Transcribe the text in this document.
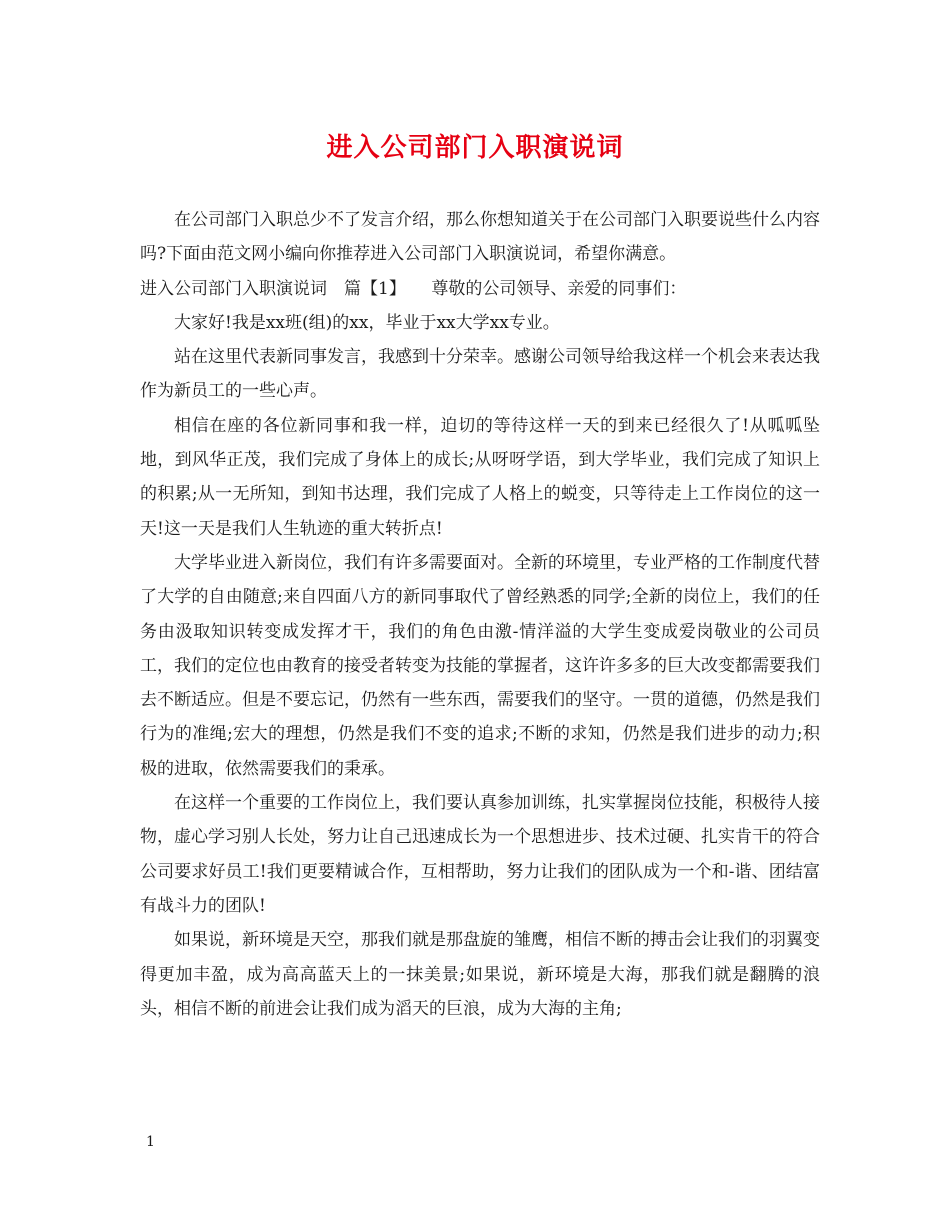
进入公司部门入职演说词

在公司部门入职总少不了发言介绍，那么你想知道关于在公司部门入职要说些什么内容吗?下面由范文网小编向你推荐进入公司部门入职演说词，希望你满意。

进入公司部门入职演说词　篇【1】　　尊敬的公司领导、亲爱的同事们：

大家好!我是xx班(组)的xx，毕业于xx大学xx专业。

站在这里代表新同事发言，我感到十分荣幸。感谢公司领导给我这样一个机会来表达我作为新员工的一些心声。

相信在座的各位新同事和我一样，迫切的等待这样一天的到来已经很久了!从呱呱坠地，到风华正茂，我们完成了身体上的成长;从呀呀学语，到大学毕业，我们完成了知识上的积累;从一无所知，到知书达理，我们完成了人格上的蜕变，只等待走上工作岗位的这一天!这一天是我们人生轨迹的重大转折点!

大学毕业进入新岗位，我们有许多需要面对。全新的环境里，专业严格的工作制度代替了大学的自由随意;来自四面八方的新同事取代了曾经熟悉的同学;全新的岗位上，我们的任务由汲取知识转变成发挥才干，我们的角色由激-情洋溢的大学生变成爱岗敬业的公司员工，我们的定位也由教育的接受者转变为技能的掌握者，这许许多多的巨大改变都需要我们去不断适应。但是不要忘记，仍然有一些东西，需要我们的坚守。一贯的道德，仍然是我们行为的准绳;宏大的理想，仍然是我们不变的追求;不断的求知，仍然是我们进步的动力;积极的进取，依然需要我们的秉承。

在这样一个重要的工作岗位上，我们要认真参加训练，扎实掌握岗位技能，积极待人接物，虚心学习别人长处，努力让自己迅速成长为一个思想进步、技术过硬、扎实肯干的符合公司要求好员工!我们更要精诚合作，互相帮助，努力让我们的团队成为一个和-谐、团结富有战斗力的团队!

如果说，新环境是天空，那我们就是那盘旋的雏鹰，相信不断的搏击会让我们的羽翼变得更加丰盈，成为高高蓝天上的一抹美景;如果说，新环境是大海，那我们就是翻腾的浪头，相信不断的前进会让我们成为滔天的巨浪，成为大海的主角;

1
